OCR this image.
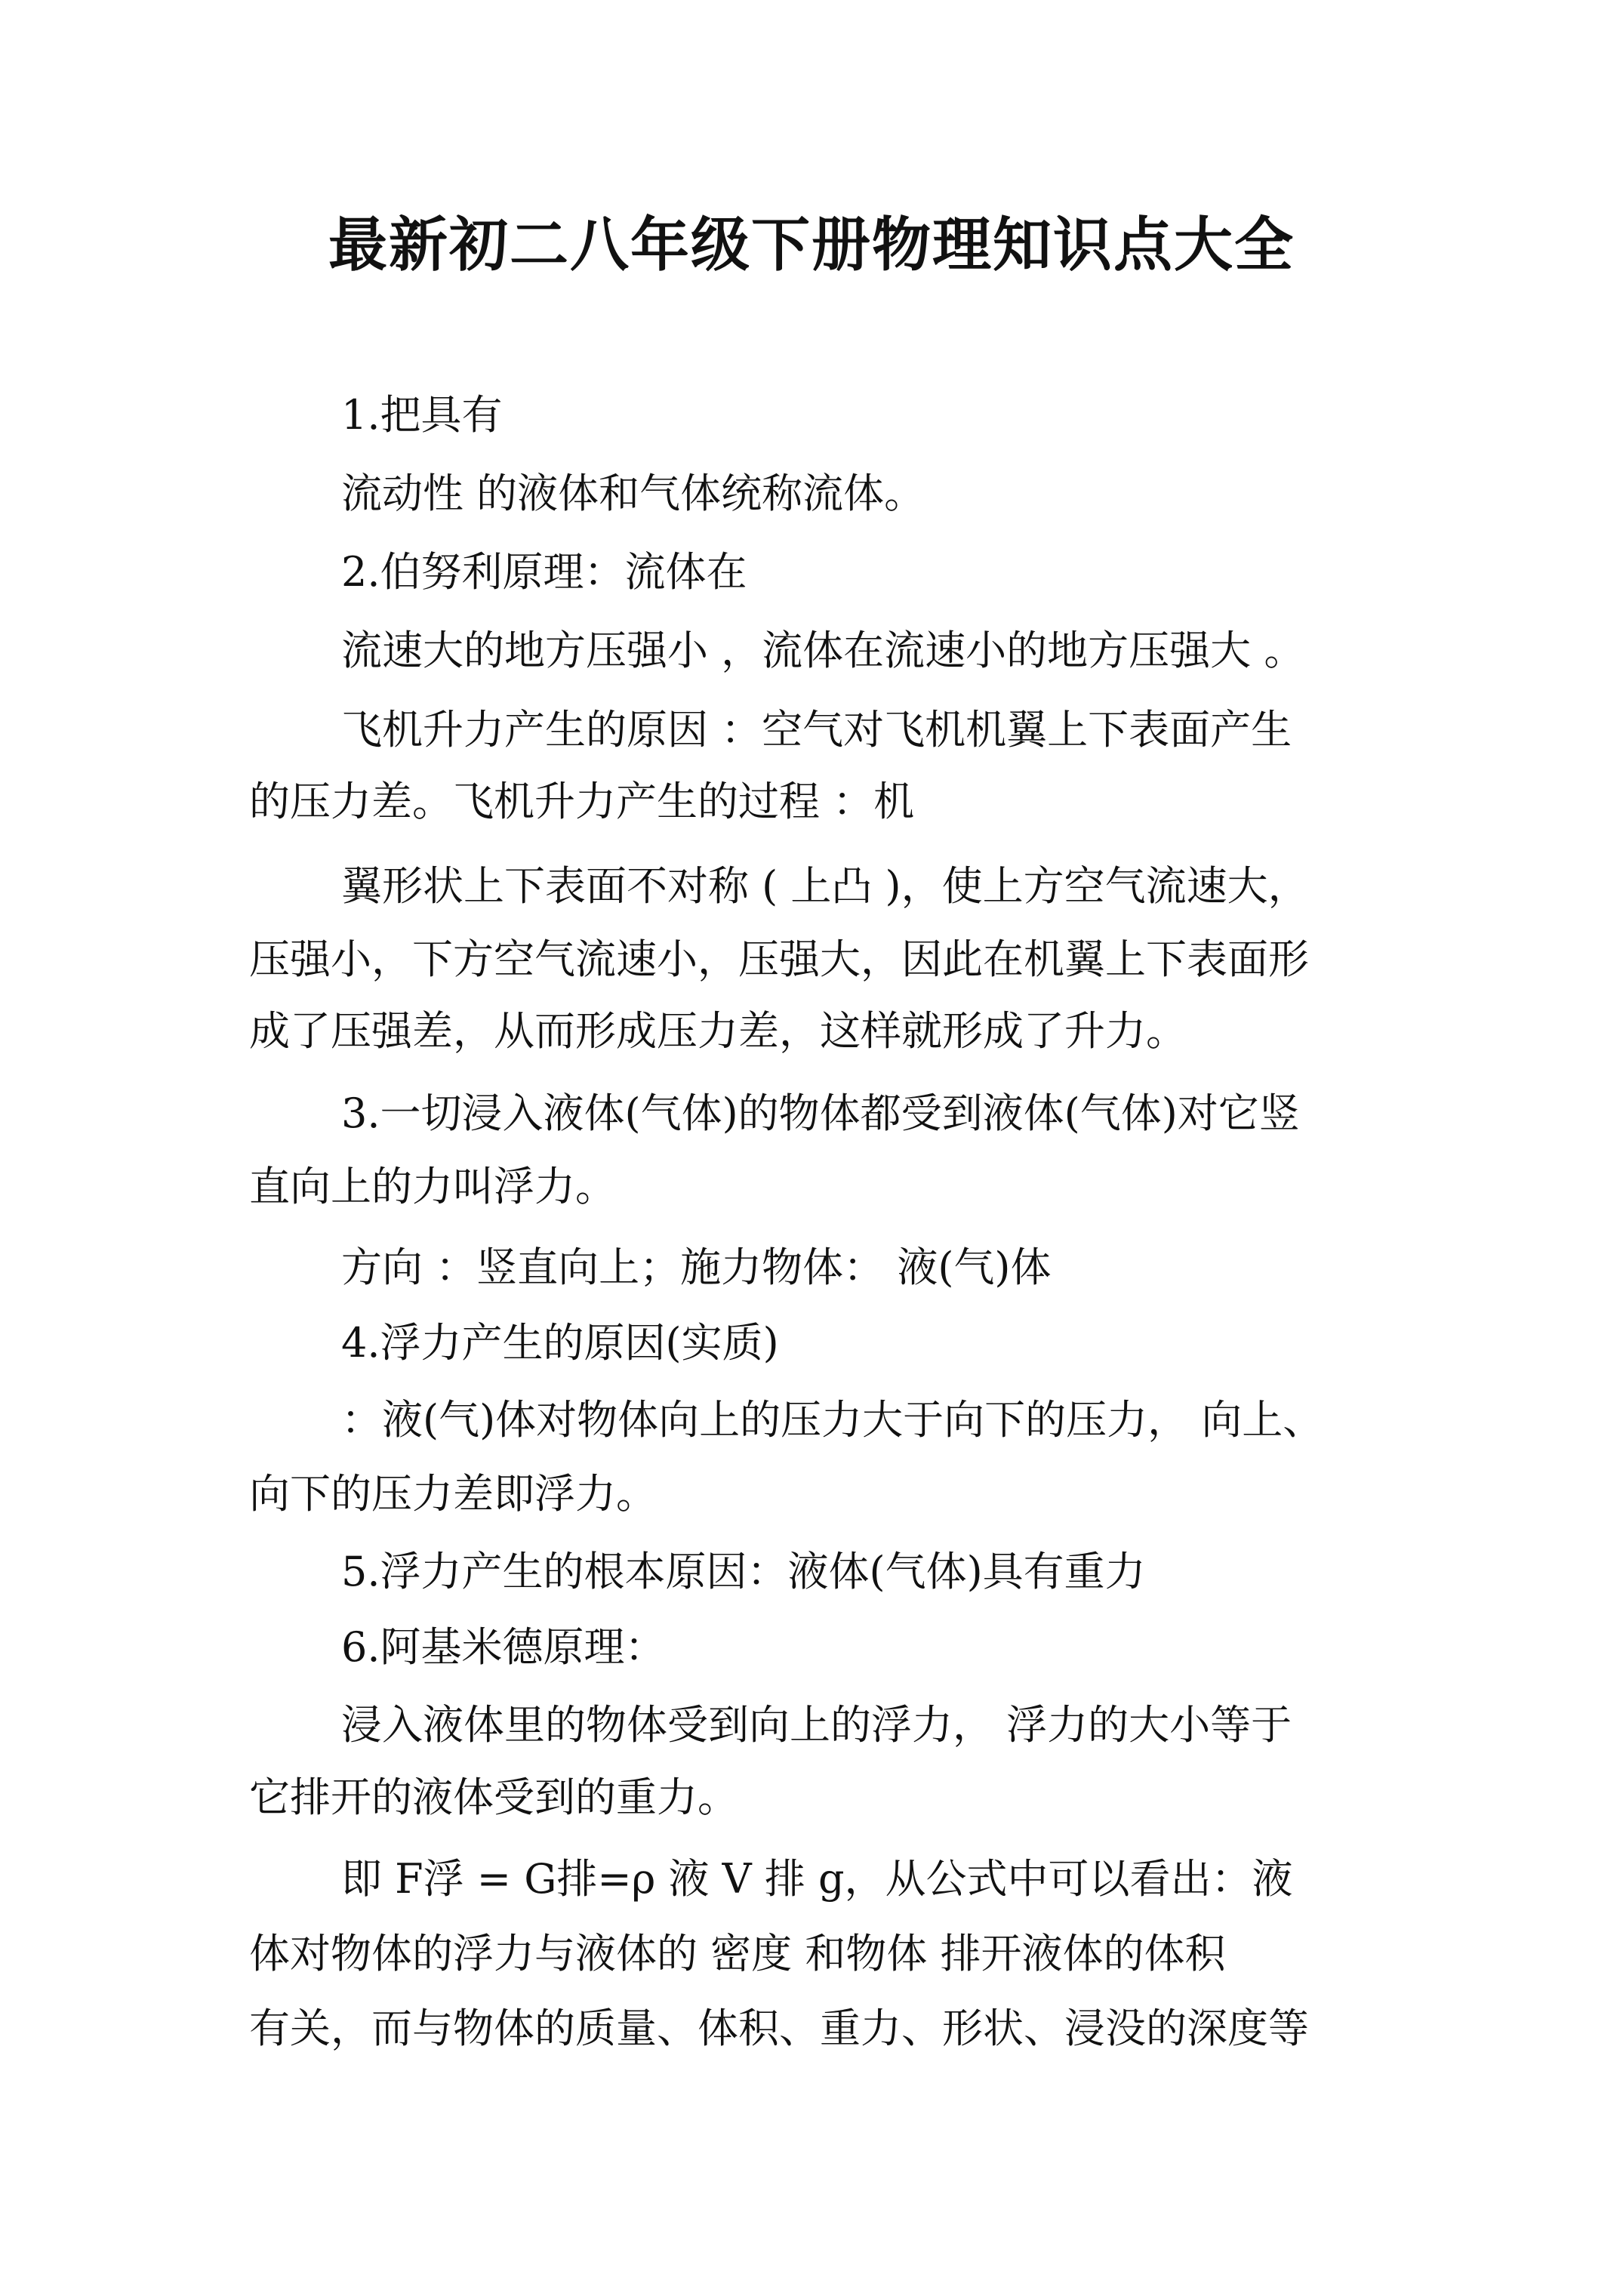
最新初二八年级下册物理知识点大全

1.把具有

流动性 的液体和气体统称流体。

2.伯努利原理：流体在

流速大的地方压强小 ，流体在流速小的地方压强大 。

飞机升力产生的原因 ：空气对飞机机翼上下表面产生

的压力差。飞机升力产生的过程 ：机

翼形状上下表面不对称 ( 上凸 )，使上方空气流速大，

压强小，下方空气流速小，压强大，因此在机翼上下表面形

成了压强差，从而形成压力差，这样就形成了升力。

3.一切浸入液体(气体)的物体都受到液体(气体)对它竖

直向上的力叫浮力。

方向 ：竖直向上；施力物体： 液(气)体

4.浮力产生的原因(实质)

：液(气)体对物体向上的压力大于向下的压力， 向上、

向下的压力差即浮力。

5.浮力产生的根本原因：液体(气体)具有重力

6.阿基米德原理：

浸入液体里的物体受到向上的浮力， 浮力的大小等于

它排开的液体受到的重力。

即 F浮 = G排=ρ 液 V 排 g，从公式中可以看出：液

体对物体的浮力与液体的 密度 和物体 排开液体的体积

有关，而与物体的质量、体积、重力、形状、浸没的深度等
